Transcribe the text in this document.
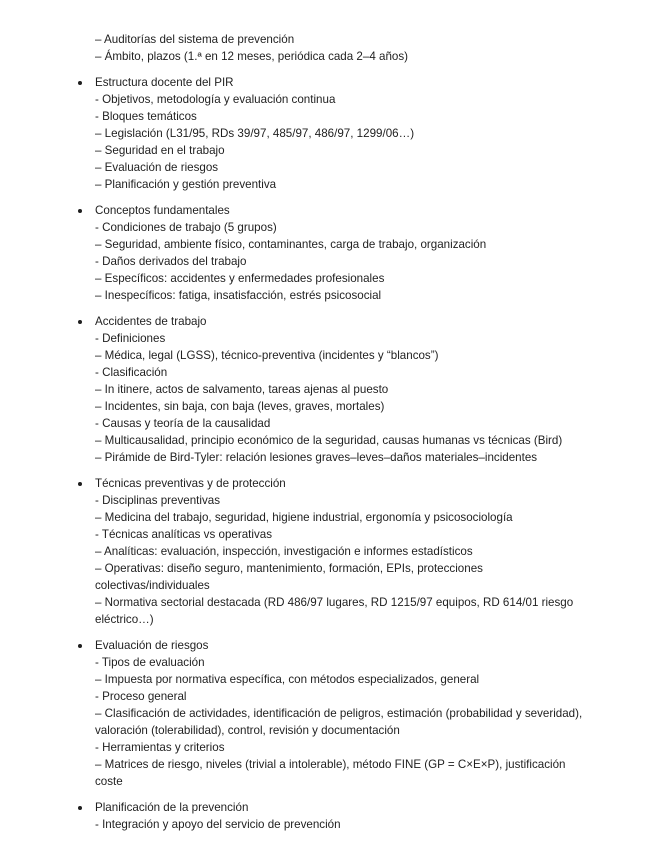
– Auditorías del sistema de prevención
– Ámbito, plazos (1.ª en 12 meses, periódica cada 2–4 años)
Estructura docente del PIR
- Objetivos, metodología y evaluación continua
- Bloques temáticos
– Legislación (L31/95, RDs 39/97, 485/97, 486/97, 1299/06…)
– Seguridad en el trabajo
– Evaluación de riesgos
– Planificación y gestión preventiva
Conceptos fundamentales
- Condiciones de trabajo (5 grupos)
– Seguridad, ambiente físico, contaminantes, carga de trabajo, organización
- Daños derivados del trabajo
– Específicos: accidentes y enfermedades profesionales
– Inespecíficos: fatiga, insatisfacción, estrés psicosocial
Accidentes de trabajo
- Definiciones
– Médica, legal (LGSS), técnico-preventiva (incidentes y “blancos”)
- Clasificación
– In itinere, actos de salvamento, tareas ajenas al puesto
– Incidentes, sin baja, con baja (leves, graves, mortales)
- Causas y teoría de la causalidad
– Multicausalidad, principio económico de la seguridad, causas humanas vs técnicas (Bird)
– Pirámide de Bird-Tyler: relación lesiones graves–leves–daños materiales–incidentes
Técnicas preventivas y de protección
- Disciplinas preventivas
– Medicina del trabajo, seguridad, higiene industrial, ergonomía y psicosociología
- Técnicas analíticas vs operativas
– Analíticas: evaluación, inspección, investigación e informes estadísticos
– Operativas: diseño seguro, mantenimiento, formación, EPIs, protecciones colectivas/individuales
– Normativa sectorial destacada (RD 486/97 lugares, RD 1215/97 equipos, RD 614/01 riesgo eléctrico…)
Evaluación de riesgos
- Tipos de evaluación
– Impuesta por normativa específica, con métodos especializados, general
- Proceso general
– Clasificación de actividades, identificación de peligros, estimación (probabilidad y severidad), valoración (tolerabilidad), control, revisión y documentación
- Herramientas y criterios
– Matrices de riesgo, niveles (trivial a intolerable), método FINE (GP = C×E×P), justificación coste
Planificación de la prevención
- Integración y apoyo del servicio de prevención
